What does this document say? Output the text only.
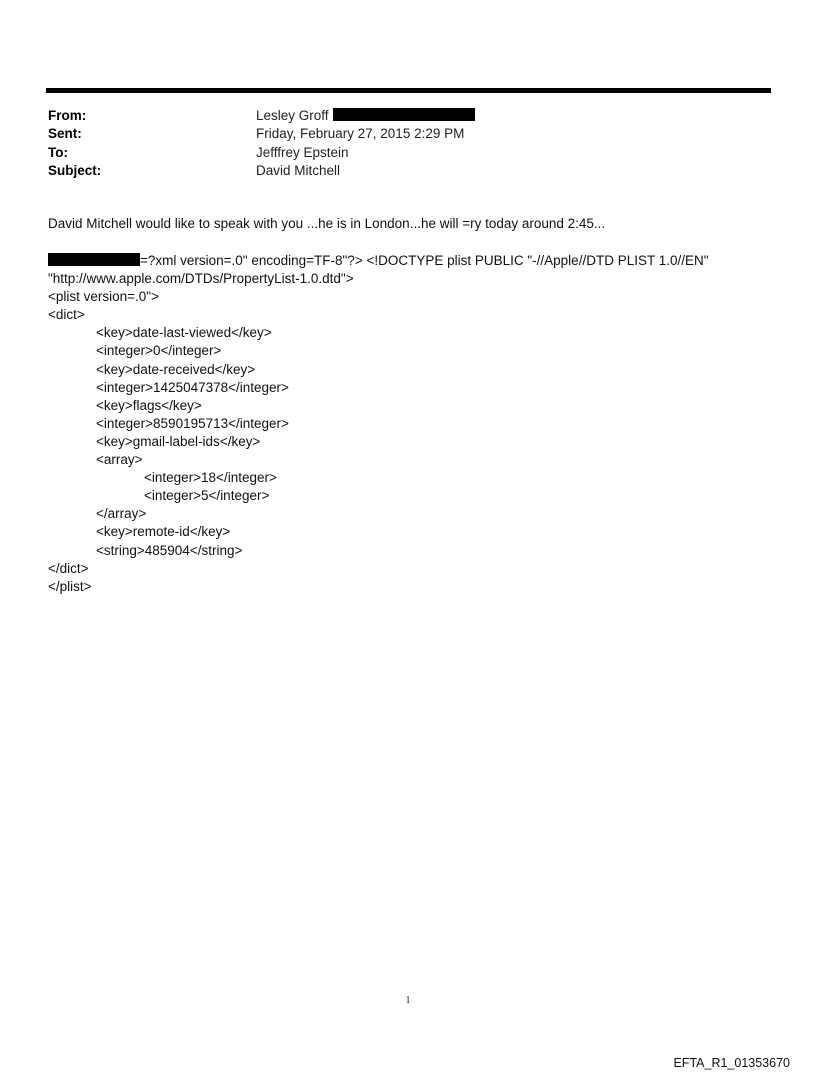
From:	Lesley Groff
Sent:	Friday, February 27, 2015 2:29 PM
To:	Jefffrey Epstein
Subject:	David Mitchell
David Mitchell would like to speak with you ...he is in London...he will =ry today around 2:45...
=?xml version=.0" encoding=TF-8"?> <!DOCTYPE plist PUBLIC "-//Apple//DTD PLIST 1.0//EN"
"http://www.apple.com/DTDs/PropertyList-1.0.dtd">
<plist version=.0">
<dict>
<key>date-last-viewed</key>
<integer>0</integer>
<key>date-received</key>
<integer>1425047378</integer>
<key>flags</key>
<integer>8590195713</integer>
<key>gmail-label-ids</key>
<array>
<integer>18</integer>
<integer>5</integer>
</array>
<key>remote-id</key>
<string>485904</string>
</dict>
</plist>
1
EFTA_R1_01353670
